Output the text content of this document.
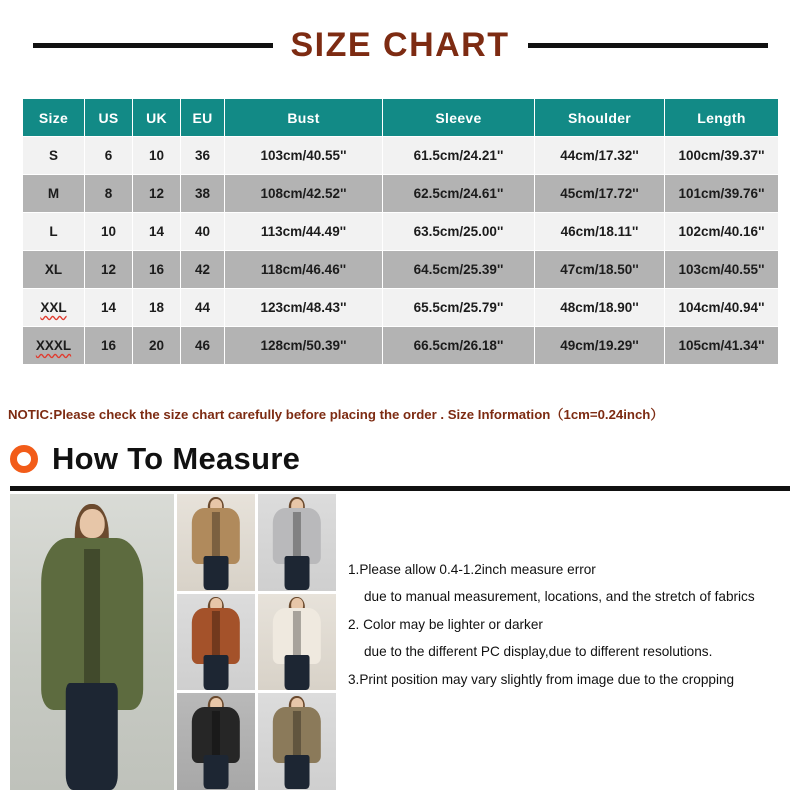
SIZE CHART
Size	US	UK	EU	Bust	Sleeve	Shoulder	Length
S	6	10	36	103cm/40.55''	61.5cm/24.21''	44cm/17.32''	100cm/39.37''
M	8	12	38	108cm/42.52''	62.5cm/24.61''	45cm/17.72''	101cm/39.76''
L	10	14	40	113cm/44.49''	63.5cm/25.00''	46cm/18.11''	102cm/40.16''
XL	12	16	42	118cm/46.46''	64.5cm/25.39''	47cm/18.50''	103cm/40.55''
XXL	14	18	44	123cm/48.43''	65.5cm/25.79''	48cm/18.90''	104cm/40.94''
XXXL	16	20	46	128cm/50.39''	66.5cm/26.18''	49cm/19.29''	105cm/41.34''
NOTIC:Please check the size chart carefully before placing the order . Size Information（1cm=0.24inch）
How To Measure
1.Please allow 0.4-1.2inch measure error
due to manual measurement, locations, and the stretch of fabrics
2. Color may be lighter or darker
due to the different PC display,due to different resolutions.
3.Print position may vary slightly from image due to the cropping
